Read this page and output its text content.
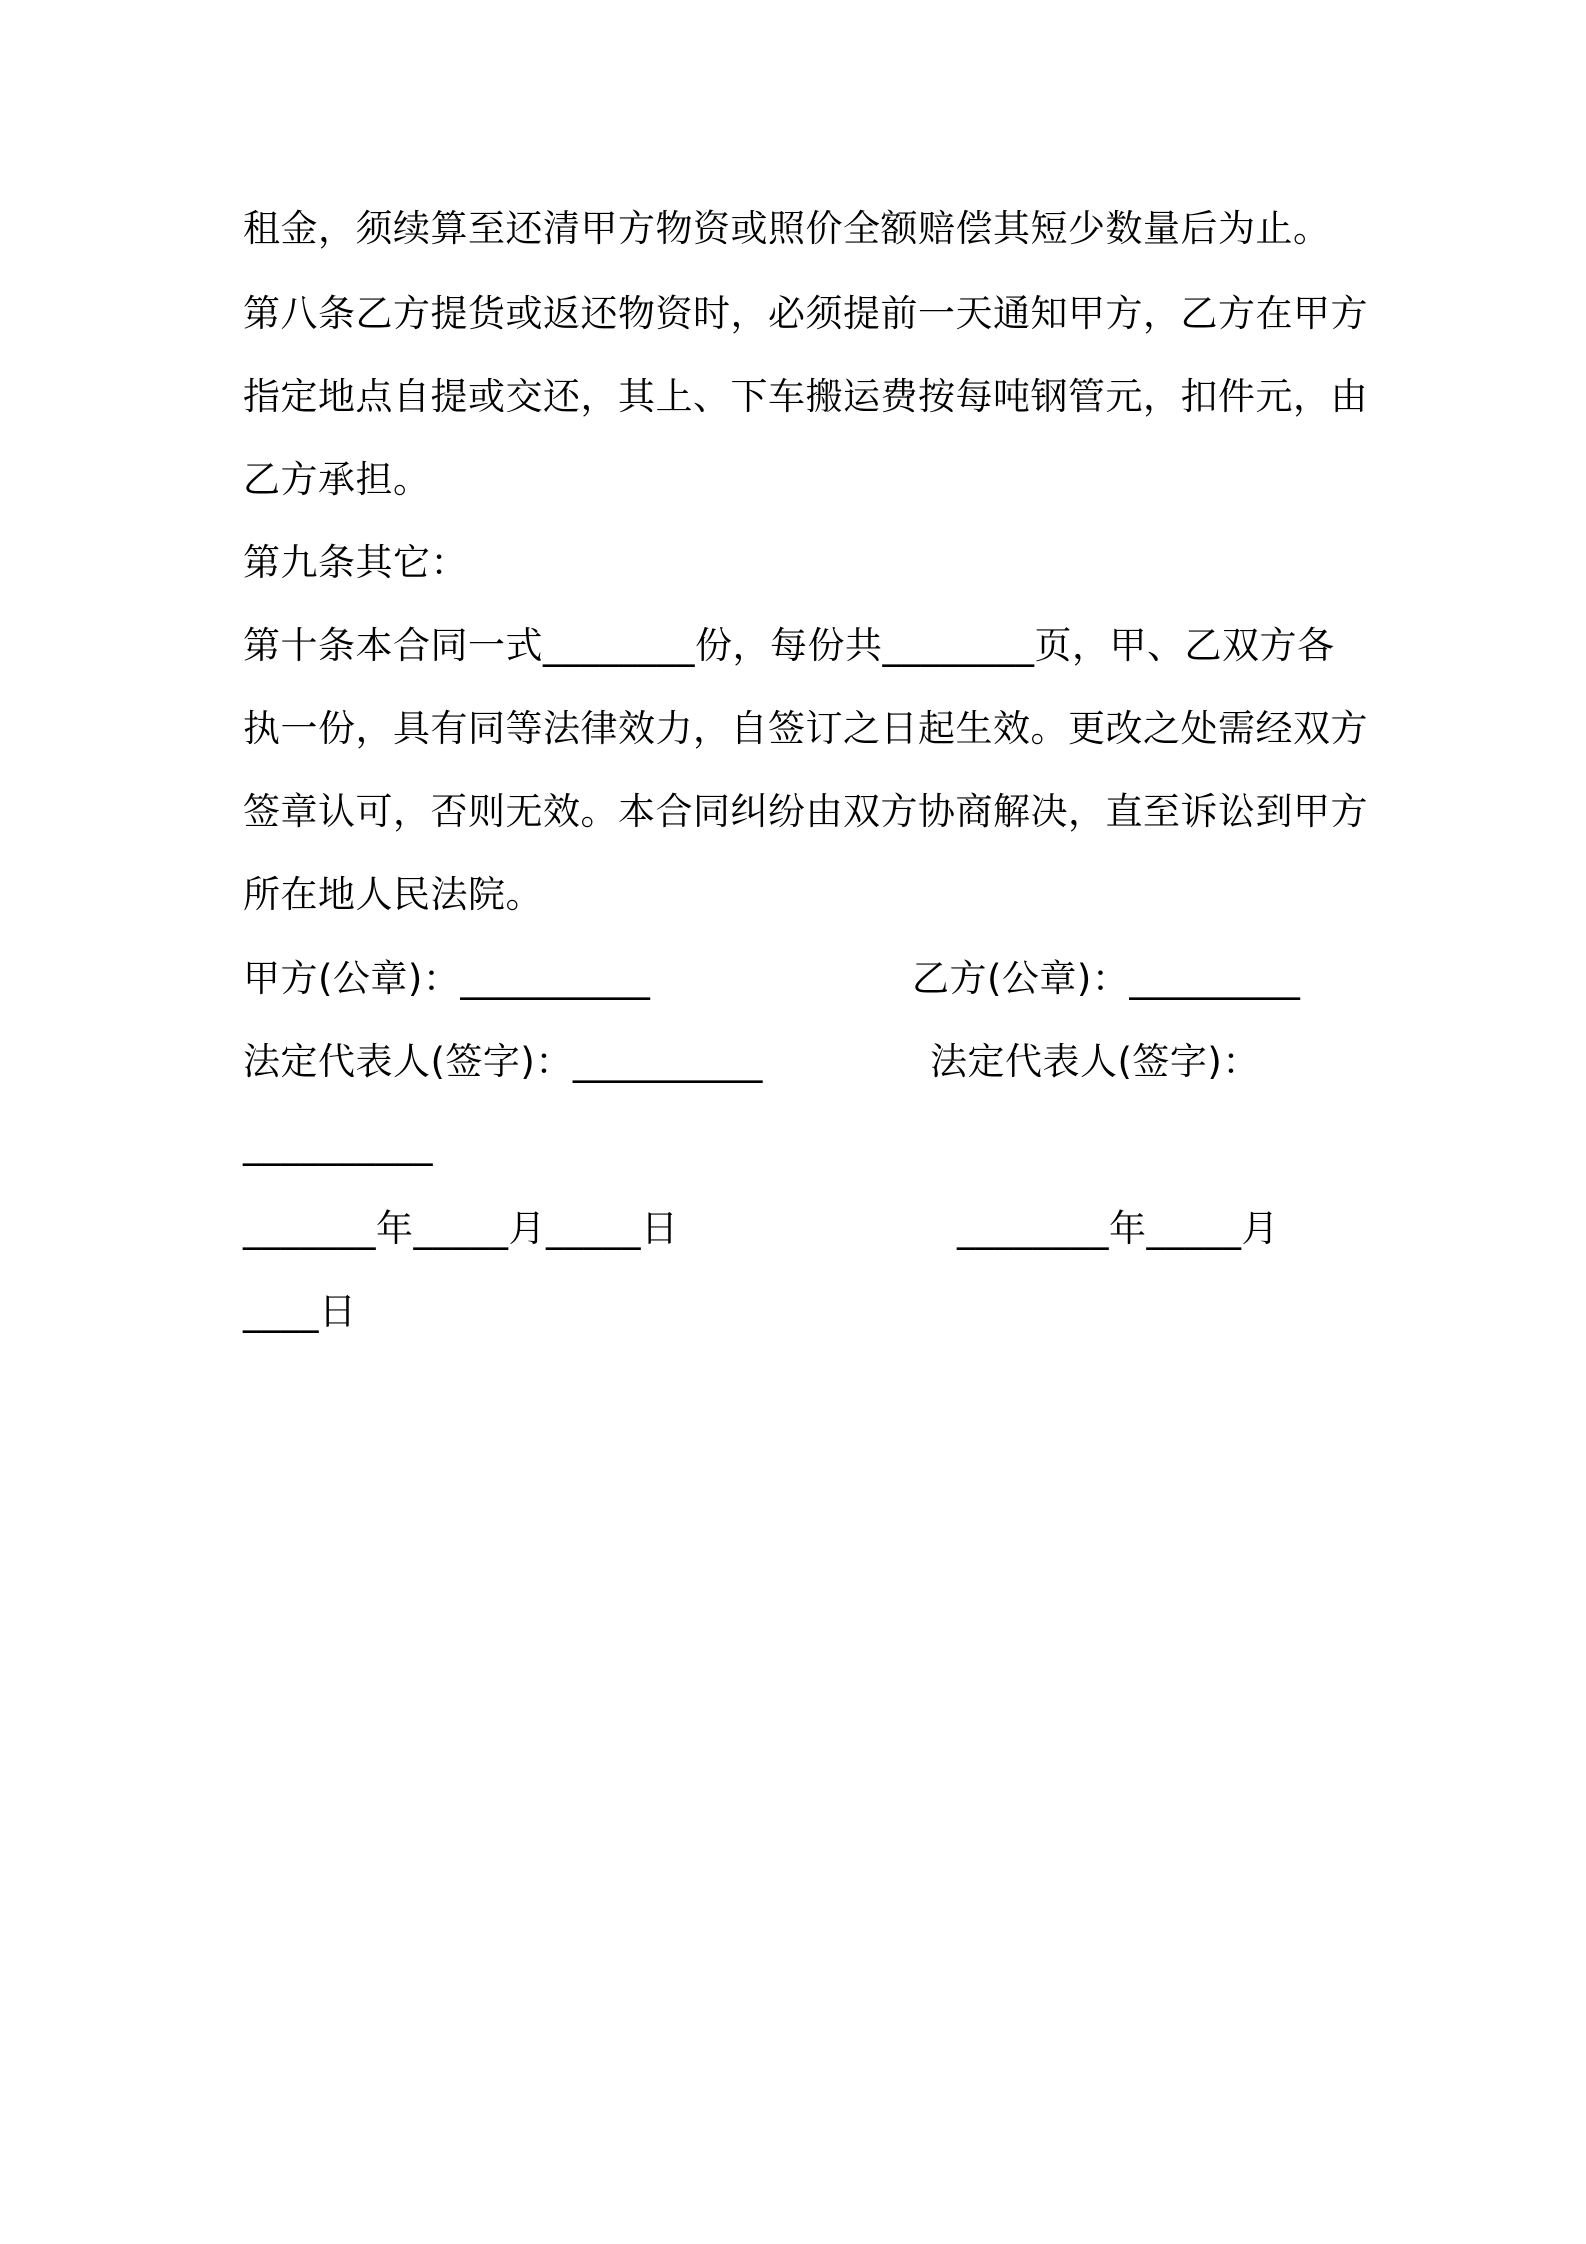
租金，须续算至还清甲方物资或照价全额赔偿其短少数量后为止。
第八条乙方提货或返还物资时，必须提前一天通知甲方，乙方在甲方
指定地点自提或交还，其上、下车搬运费按每吨钢管元，扣件元，由
乙方承担。
第九条其它：
第十条本合同一式________份，每份共________页，甲、乙双方各
执一份，具有同等法律效力，自签订之日起生效。更改之处需经双方
签章认可，否则无效。本合同纠纷由双方协商解决，直至诉讼到甲方
所在地人民法院。
甲方(公章)：__________	乙方(公章)：_________
法定代表人(签字)：__________	法定代表人(签字)：
__________
_______年_____月_____日	________年_____月
____日
